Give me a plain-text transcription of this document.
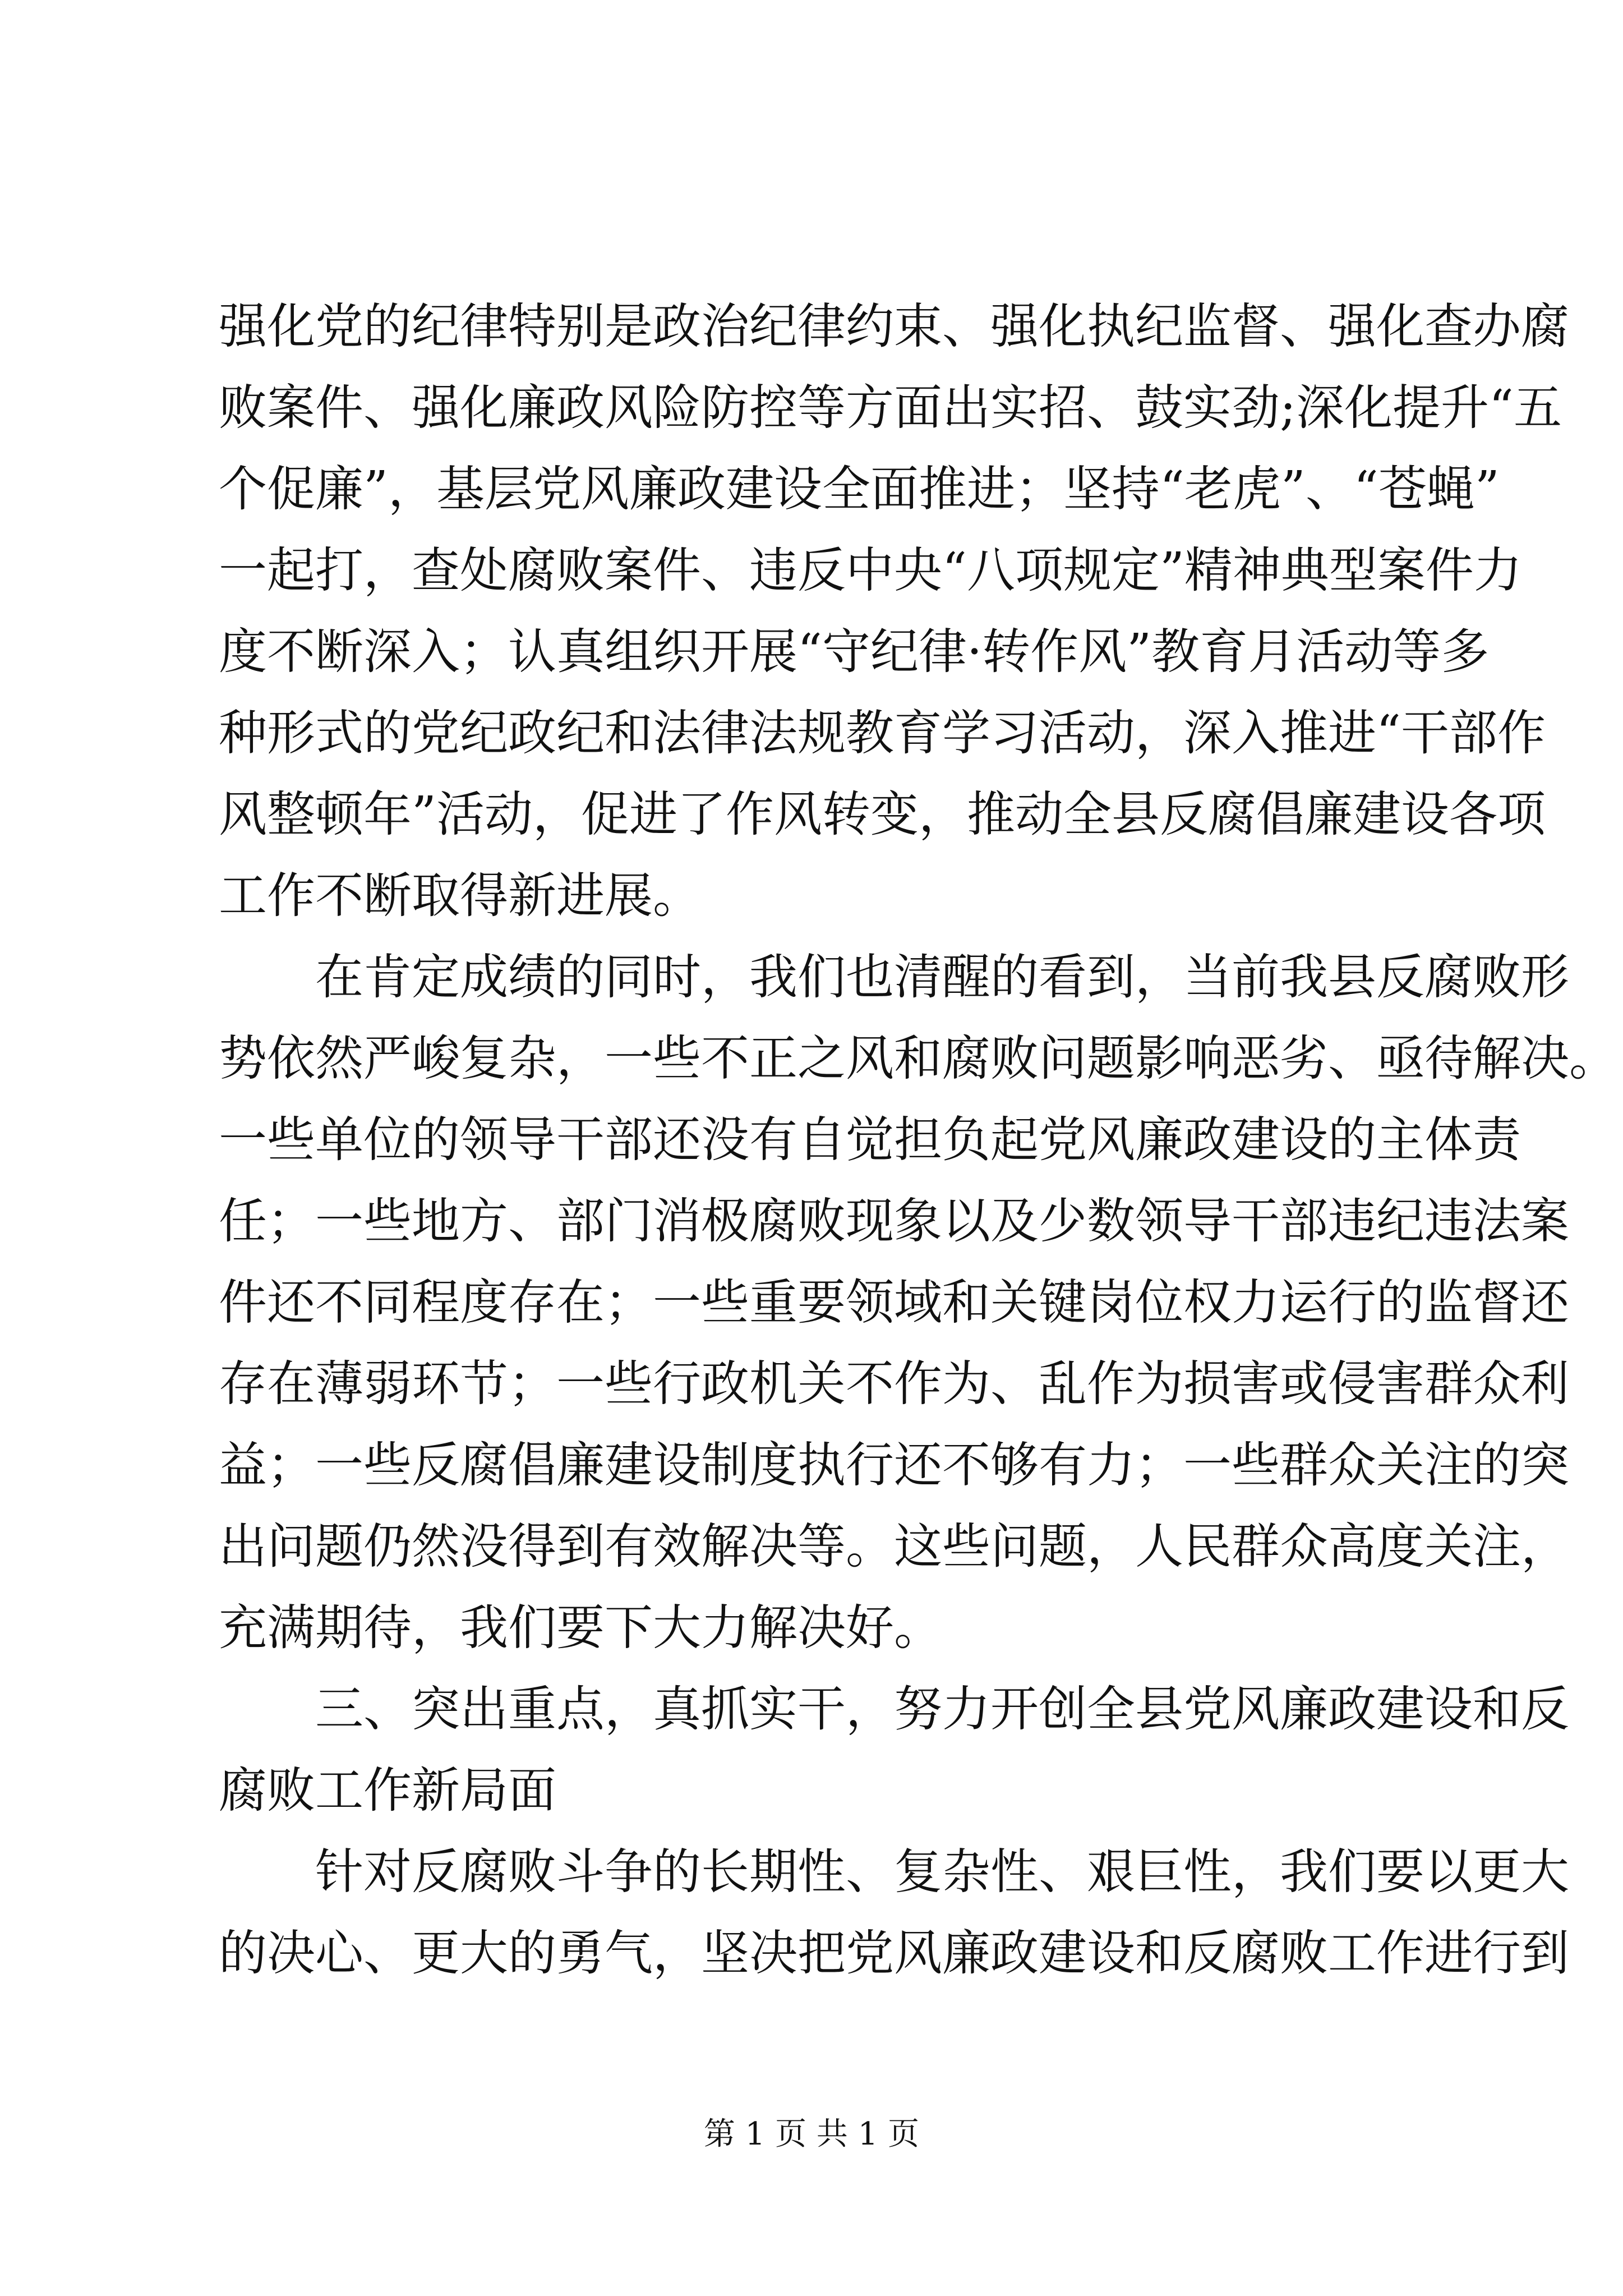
强化党的纪律特别是政治纪律约束、强化执纪监督、强化查办腐
败案件、强化廉政风险防控等方面出实招、鼓实劲;深化提升“五
个促廉”，基层党风廉政建设全面推进；坚持“老虎”、“苍蝇”
一起打，查处腐败案件、违反中央“八项规定”精神典型案件力
度不断深入；认真组织开展“守纪律·转作风”教育月活动等多
种形式的党纪政纪和法律法规教育学习活动，深入推进“干部作
风整顿年”活动，促进了作风转变，推动全县反腐倡廉建设各项
工作不断取得新进展。
在肯定成绩的同时，我们也清醒的看到，当前我县反腐败形
势依然严峻复杂，一些不正之风和腐败问题影响恶劣、亟待解决。
一些单位的领导干部还没有自觉担负起党风廉政建设的主体责
任；一些地方、部门消极腐败现象以及少数领导干部违纪违法案
件还不同程度存在；一些重要领域和关键岗位权力运行的监督还
存在薄弱环节；一些行政机关不作为、乱作为损害或侵害群众利
益；一些反腐倡廉建设制度执行还不够有力；一些群众关注的突
出问题仍然没得到有效解决等。这些问题，人民群众高度关注，
充满期待，我们要下大力解决好。
三、突出重点，真抓实干，努力开创全县党风廉政建设和反
腐败工作新局面
针对反腐败斗争的长期性、复杂性、艰巨性，我们要以更大
的决心、更大的勇气，坚决把党风廉政建设和反腐败工作进行到
第 1 页 共 1 页
